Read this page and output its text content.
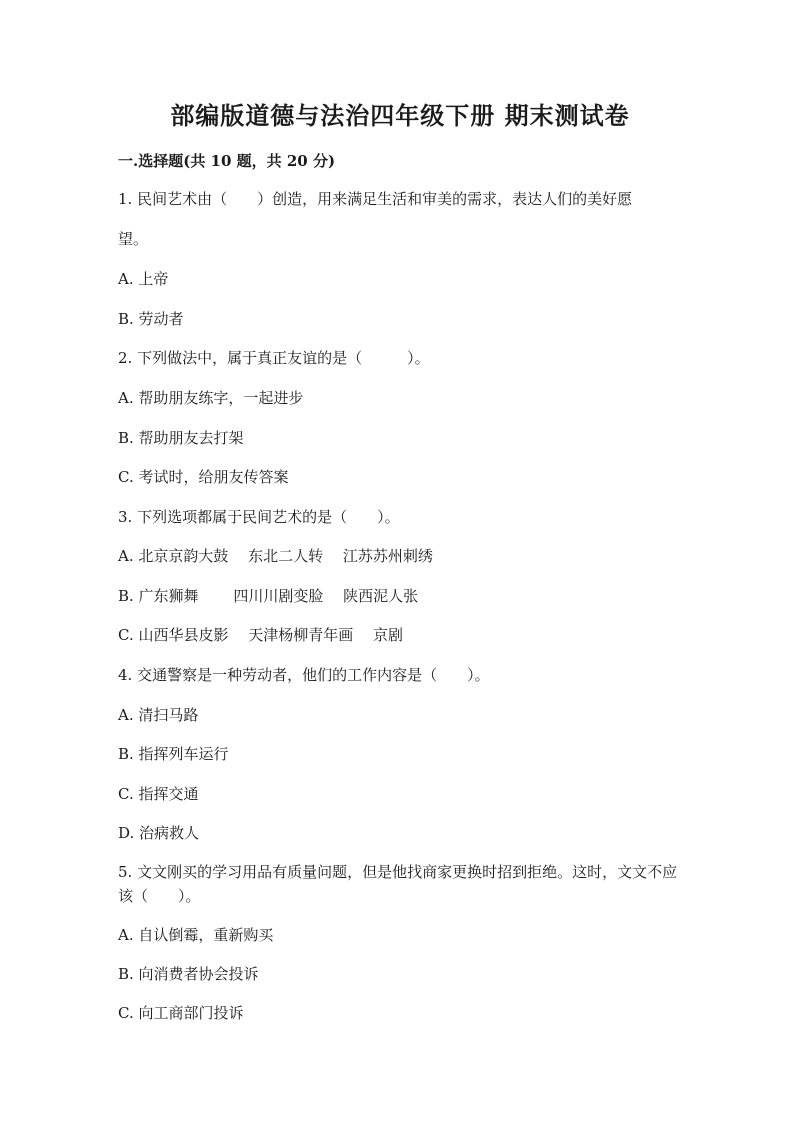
部编版道德与法治四年级下册 期末测试卷
一.选择题(共 10 题，共 20 分)
1. 民间艺术由（　　）创造，用来满足生活和审美的需求，表达人们的美好愿
望。
A. 上帝
B. 劳动者
2. 下列做法中，属于真正友谊的是（　　　）。
A. 帮助朋友练字，一起进步
B. 帮助朋友去打架
C. 考试时，给朋友传答案
3. 下列选项都属于民间艺术的是（　　）。
A. 北京京韵大鼓　 东北二人转　 江苏苏州刺绣
B. 广东狮舞　　 四川川剧变脸　 陕西泥人张
C. 山西华县皮影　 天津杨柳青年画　 京剧
4. 交通警察是一种劳动者，他们的工作内容是（　　）。
A. 清扫马路
B. 指挥列车运行
C. 指挥交通
D. 治病救人
5. 文文刚买的学习用品有质量问题，但是他找商家更换时招到拒绝。这时，文文不应该（　　）。
A. 自认倒霉，重新购买
B. 向消费者协会投诉
C. 向工商部门投诉
